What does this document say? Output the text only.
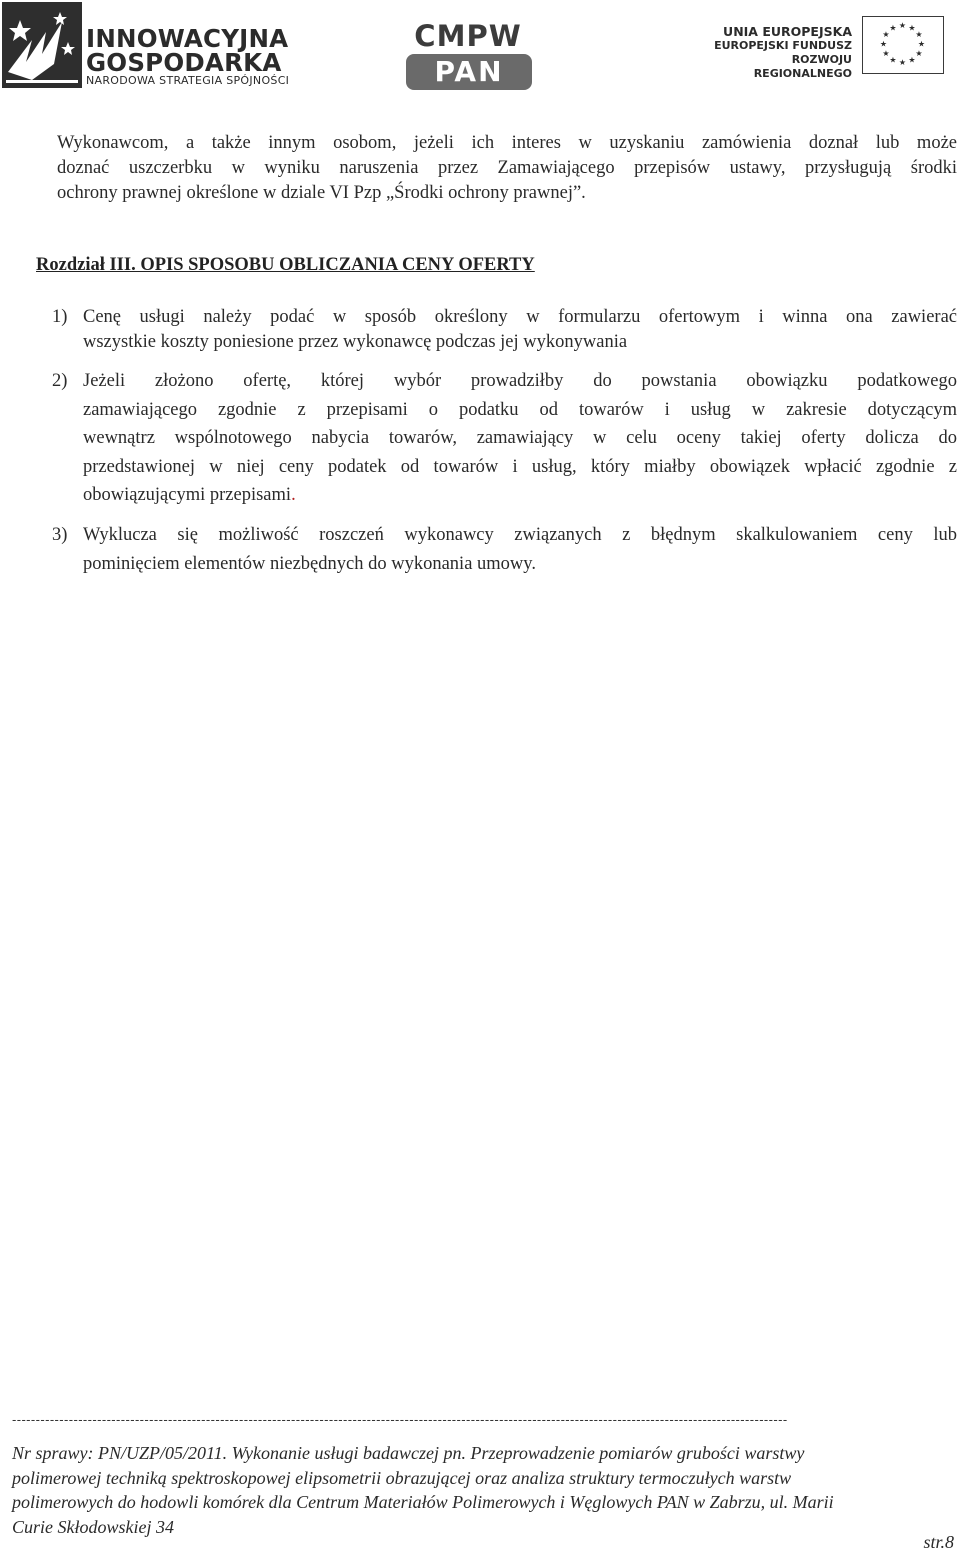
INNOWACYJNA
GOSPODARKA
NARODOWA STRATEGIA SPÓJNOŚCI
CMPW
PAN
UNIA EUROPEJSKA
EUROPEJSKI FUNDUSZ
ROZWOJU REGIONALNEGO
★ ★
★
★
★
★
★
★
★
★
★
★
Wykonawcom, a także innym osobom, jeżeli ich interes w uzyskaniu zamówienia doznał lub może
doznać uszczerbku w wyniku naruszenia przez Zamawiającego przepisów ustawy, przysługują środki
ochrony prawnej określone w dziale VI Pzp „Środki ochrony prawnej”.
Rozdział III. OPIS SPOSOBU OBLICZANIA CENY OFERTY
1) Cenę usługi należy podać w sposób określony w formularzu ofertowym i winna ona zawierać
wszystkie koszty poniesione przez wykonawcę podczas jej wykonywania
2) Jeżeli złożono ofertę, której wybór prowadziłby do powstania obowiązku podatkowego
zamawiającego zgodnie z przepisami o podatku od towarów i usług w zakresie dotyczącym
wewnątrz wspólnotowego nabycia towarów, zamawiający w celu oceny takiej oferty dolicza do
przedstawionej w niej ceny podatek od towarów i usług, który miałby obowiązek wpłacić zgodnie z
obowiązującymi przepisami.
3) Wyklucza się możliwość roszczeń wykonawcy związanych z błędnym skalkulowaniem ceny lub
pominięciem elementów niezbędnych do wykonania umowy.
--------------------------------------------------------------------------------------------------------------------------------------------------------------------
Nr sprawy: PN/UZP/05/2011. Wykonanie usługi badawczej pn. Przeprowadzenie pomiarów grubości warstwy
polimerowej techniką spektroskopowej elipsometrii obrazującej oraz analiza struktury termoczułych warstw
polimerowych do hodowli komórek dla Centrum Materiałów Polimerowych i Węglowych PAN w Zabrzu, ul. Marii
Curie Skłodowskiej 34
str.8
